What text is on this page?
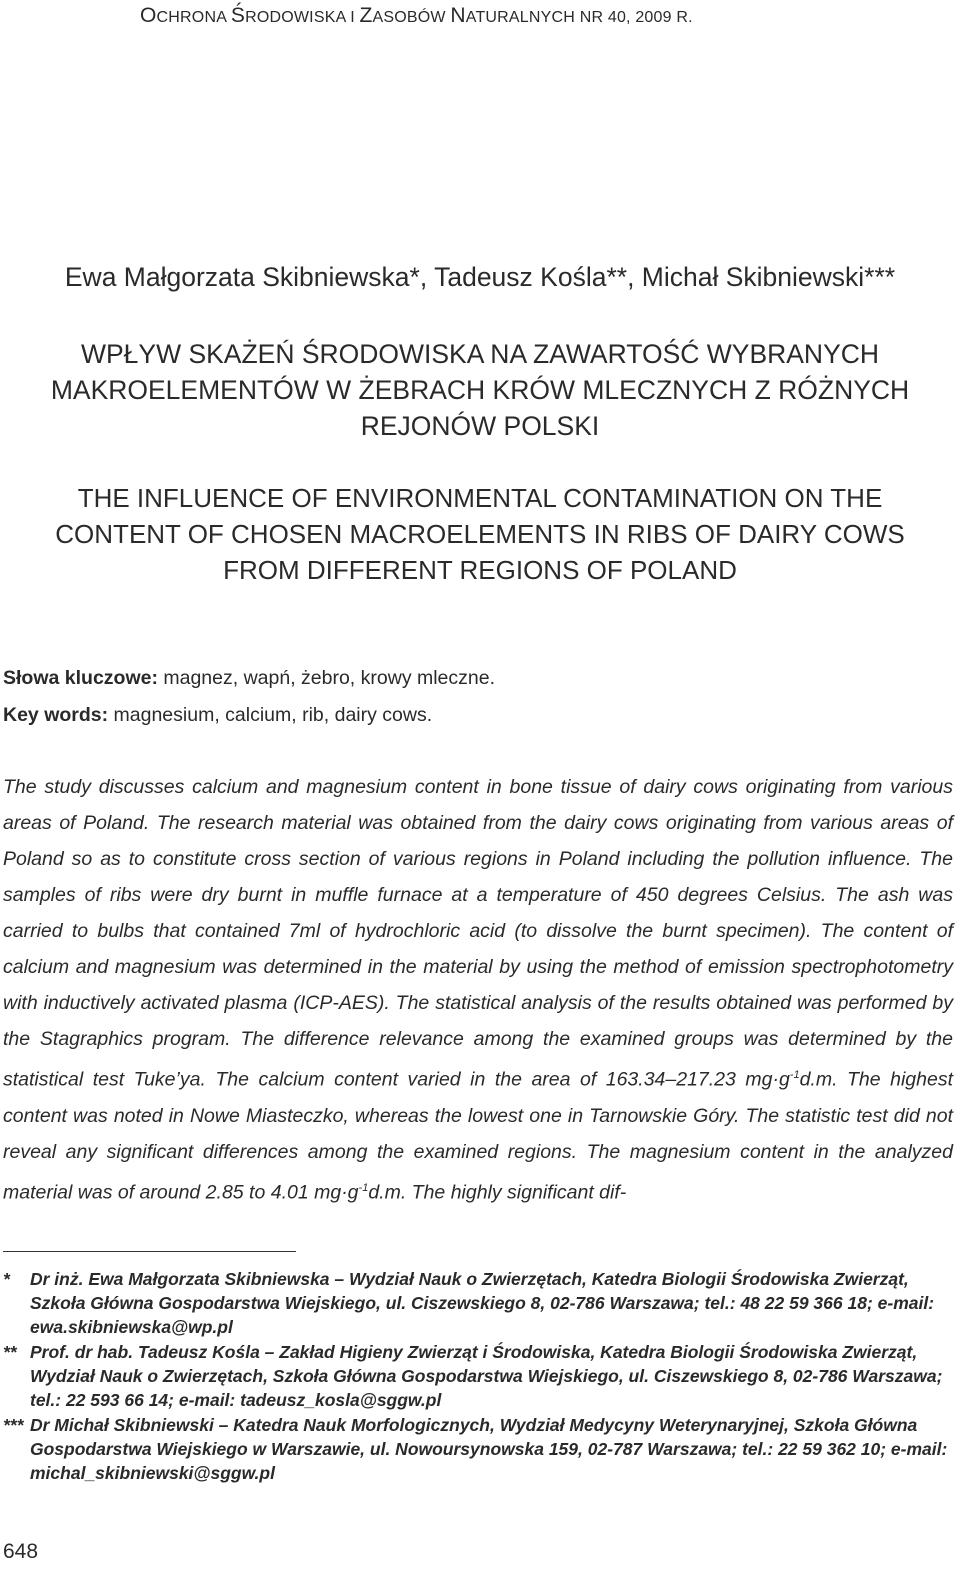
OCHRONA ŚRODOWISKA I ZASOBÓW NATURALNYCH NR 40, 2009 R.
Ewa Małgorzata Skibniewska*, Tadeusz Kośla**, Michał Skibniewski***
WPŁYW SKAŻEŃ ŚRODOWISKA NA ZAWARTOŚĆ WYBRANYCH
MAKROELEMENTÓW W ŻEBRACH KRÓW MLECZNYCH Z RÓŻNYCH
REJONÓW POLSKI
THE INFLUENCE OF ENVIRONMENTAL CONTAMINATION ON THE
CONTENT OF CHOSEN MACROELEMENTS IN RIBS OF DAIRY COWS
FROM DIFFERENT REGIONS OF POLAND
Słowa kluczowe: magnez, wapń, żebro, krowy mleczne.
Key words: magnesium, calcium, rib, dairy cows.
The study discusses calcium and magnesium content in bone tissue of dairy cows originating from various areas of Poland. The research material was obtained from the dairy cows originating from various areas of Poland so as to constitute cross section of various regions in Poland including the pollution influence. The samples of ribs were dry burnt in muffle furnace at a temperature of 450 degrees Celsius. The ash was carried to bulbs that contained 7ml of hydrochloric acid (to dissolve the burnt specimen). The content of calcium and magnesium was determined in the material by using the method of emission spectrophotometry with inductively activated plasma (ICP-AES). The statistical analysis of the results obtained was performed by the Stagraphics program. The difference relevance among the examined groups was determined by the statistical test Tuke’ya. The calcium content varied in the area of 163.34–217.23 $mg\cdot g^{-1}d.m$. The highest content was noted in Nowe Miasteczko, whereas the lowest one in Tarnowskie Góry. The statistic test did not reveal any significant differences among the examined regions. The magnesium content in the analyzed material was of around 2.85 to 4.01 $mg\cdot g^{-1}d.m$. The highly significant dif-
* Dr inż. Ewa Małgorzata Skibniewska – Wydział Nauk o Zwierzętach, Katedra Biologii Środowiska Zwierząt, Szkoła Główna Gospodarstwa Wiejskiego, ul. Ciszewskiego 8, 02-786 Warszawa; tel.: 48 22 59 366 18; e-mail: ewa.skibniewska@wp.pl
** Prof. dr hab. Tadeusz Kośla – Zakład Higieny Zwierząt i Środowiska, Katedra Biologii Środowiska Zwierząt, Wydział Nauk o Zwierzętach, Szkoła Główna Gospodarstwa Wiejskiego, ul. Ciszewskiego 8, 02-786 Warszawa; tel.: 22 593 66 14; e-mail: tadeusz_kosla@sggw.pl
*** Dr Michał Skibniewski – Katedra Nauk Morfologicznych, Wydział Medycyny Weterynaryjnej, Szkoła Główna Gospodarstwa Wiejskiego w Warszawie, ul. Nowoursynowska 159, 02-787 Warszawa; tel.: 22 59 362 10; e-mail: michal_skibniewski@sggw.pl
648
